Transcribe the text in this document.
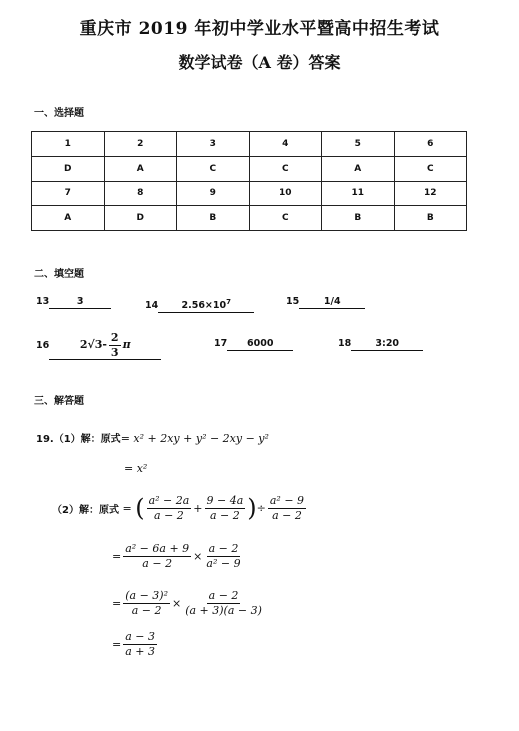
重庆市 2019 年初中学业水平暨高中招生考试
数学试卷（A 卷）答案
一、选择题
1	2	3	4	5	6
D	A	C	C	A	C
7	8	9	10	11	12
A	D	B	C	B	B
二、填空题
13	3	14 $2.56\times 10^7$	15	1/4
16	$2√3- \frac{2}{3}$ π	17 6000	18	3:20
三、解答题
19.（1）解：原式= x² + 2xy + y² − 2xy − y²
= x²
（2）解：原式 = ( $\frac{\text{a² − 2a}}{a - 2} + \frac{9 - 4a}{a - 2}$ ) ÷ $\frac{\text{a² − 9}}{a - 2}$
= $\frac{\text{a² − 6a + 9}}{a - 2} \times \frac{a - 2}{\text{a² − 9}}$
= $\frac{\text{(a − 3)²}}{a - 2} \times \frac{a - 2}{(a + 3)(a - 3)}$
= $\frac{a - 3}{a + 3}$
